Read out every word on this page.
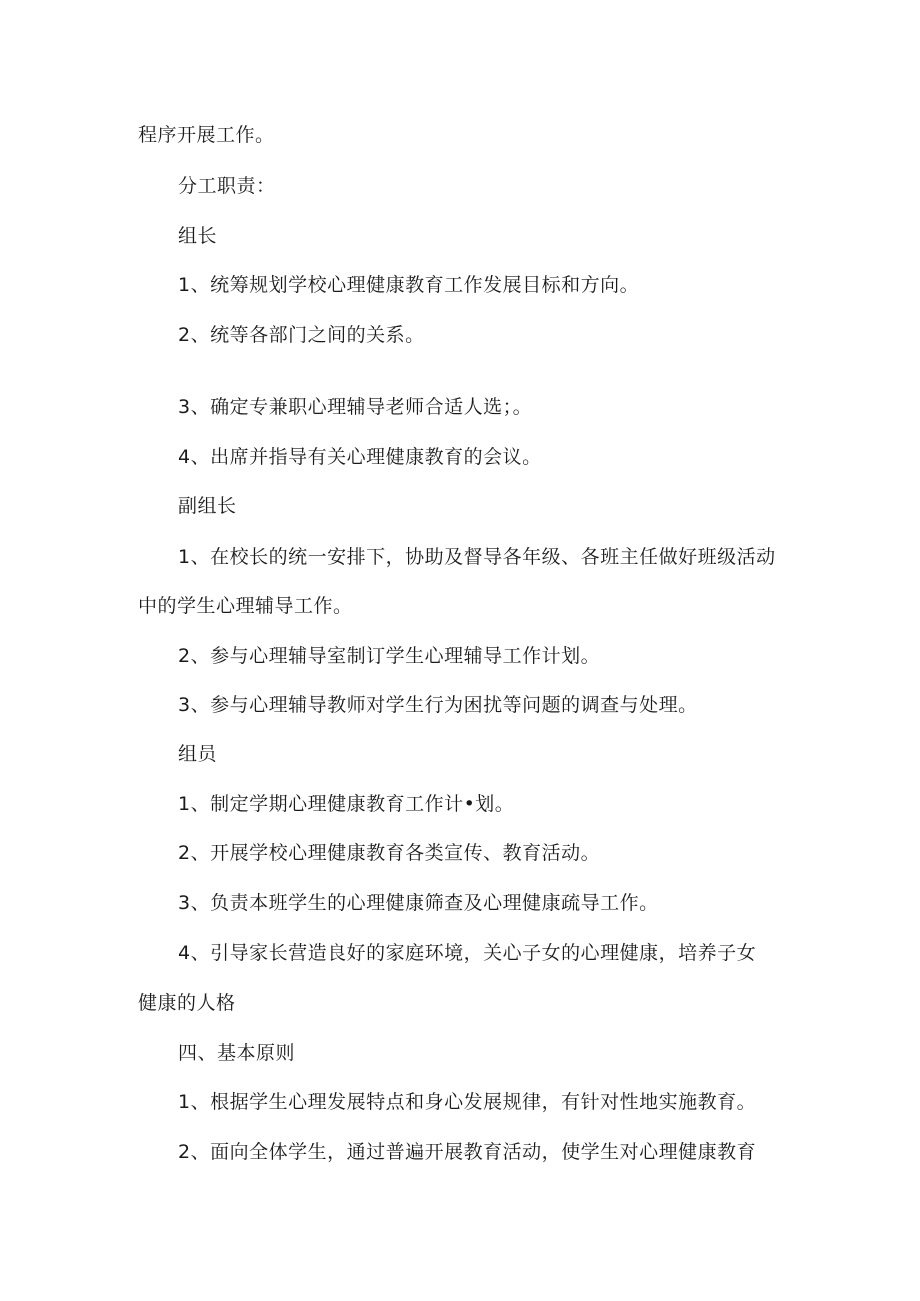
程序开展工作。
分工职责：
组长
1、统筹规划学校心理健康教育工作发展目标和方向。
2、统等各部门之间的关系。
3、确定专兼职心理辅导老师合适人选；。
4、出席并指导有关心理健康教育的会议。
副组长
1、在校长的统一安排下，协助及督导各年级、各班主任做好班级活动
中的学生心理辅导工作。
2、参与心理辅导室制订学生心理辅导工作计划。
3、参与心理辅导教师对学生行为困扰等问题的调查与处理。
组员
1、制定学期心理健康教育工作计•划。
2、开展学校心理健康教育各类宣传、教育活动。
3、负责本班学生的心理健康筛查及心理健康疏导工作。
4、引导家长营造良好的家庭环境，关心子女的心理健康，培养子女
健康的人格
四、基本原则
1、根据学生心理发展特点和身心发展规律，有针对性地实施教育。
2、面向全体学生，通过普遍开展教育活动，使学生对心理健康教育
